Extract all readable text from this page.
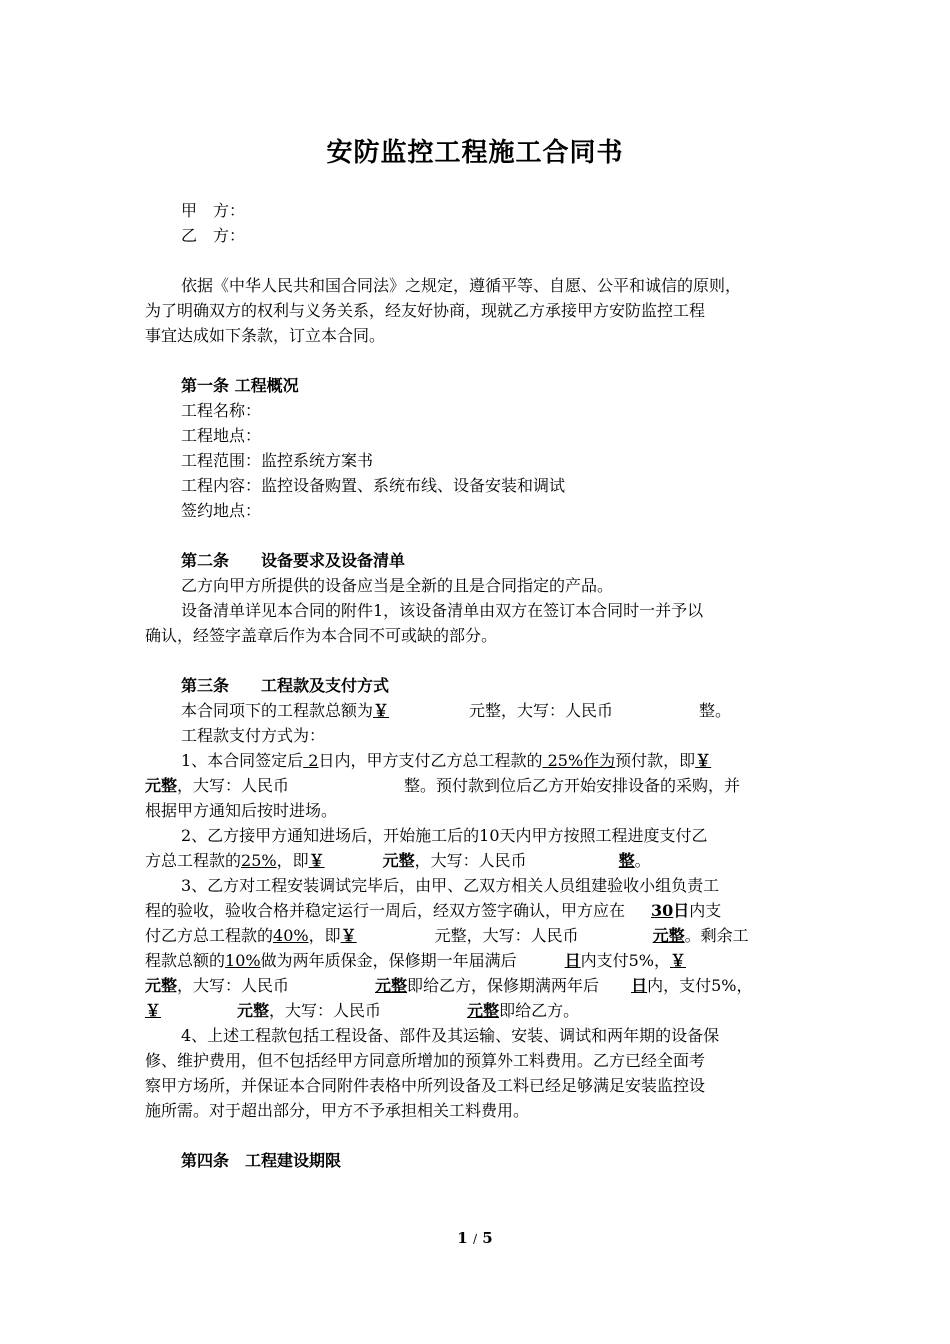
安防监控工程施工合同书
甲　方：
乙　方：
依据《中华人民共和国合同法》之规定，遵循平等、自愿、公平和诚信的原则，
为了明确双方的权利与义务关系，经友好协商，现就乙方承接甲方安防监控工程
事宜达成如下条款，订立本合同。
第一条 工程概况
工程名称：
工程地点：
工程范围：监控系统方案书
工程内容：监控设备购置、系统布线、设备安装和调试
签约地点：
第二条　　设备要求及设备清单
乙方向甲方所提供的设备应当是全新的且是合同指定的产品。
设备清单详见本合同的附件1，该设备清单由双方在签订本合同时一并予以
确认，经签字盖章后作为本合同不可或缺的部分。
第三条　　工程款及支付方式
本合同项下的工程款总额为￥	元整，大写：人民币	整。
工程款支付方式为：
1、本合同签定后 2日内，甲方支付乙方总工程款的 25%作为预付款，即￥
元整，大写：人民币	整。预付款到位后乙方开始安排设备的采购，并
根据甲方通知后按时进场。
2、乙方接甲方通知进场后，开始施工后的10天内甲方按照工程进度支付乙
方总工程款的25%，即￥	元整，大写：人民币	整。
3、乙方对工程安装调试完毕后，由甲、乙双方相关人员组建验收小组负责工
程的验收，验收合格并稳定运行一周后，经双方签字确认，甲方应在 30日内支
付乙方总工程款的40%，即￥	元整，大写：人民币	元整。剩余工
程款总额的10%做为两年质保金，保修期一年届满后	日内支付5%，￥
元整，大写：人民币	元整即给乙方，保修期满两年后 日内，支付5%，
￥	元整，大写：人民币	元整即给乙方。
4、上述工程款包括工程设备、部件及其运输、安装、调试和两年期的设备保
修、维护费用，但不包括经甲方同意所增加的预算外工料费用。乙方已经全面考
察甲方场所，并保证本合同附件表格中所列设备及工料已经足够满足安装监控设
施所需。对于超出部分，甲方不予承担相关工料费用。
第四条　工程建设期限
1 / 5
